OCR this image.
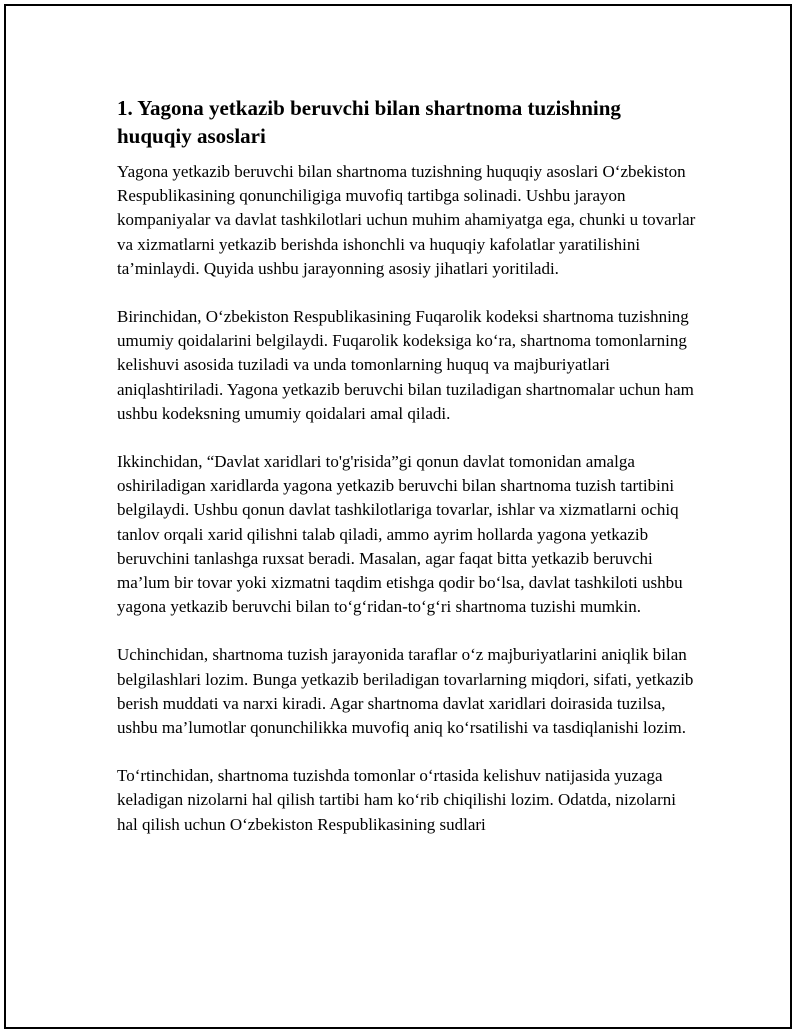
1. Yagona yetkazib beruvchi bilan shartnoma tuzishning huquqiy asoslari

Yagona yetkazib beruvchi bilan shartnoma tuzishning huquqiy asoslari O‘zbekiston Respublikasining qonunchiligiga muvofiq tartibga solinadi. Ushbu jarayon kompaniyalar va davlat tashkilotlari uchun muhim ahamiyatga ega, chunki u tovarlar va xizmatlarni yetkazib berishda ishonchli va huquqiy kafolatlar yaratilishini ta’minlaydi. Quyida ushbu jarayonning asosiy jihatlari yoritiladi.

Birinchidan, O‘zbekiston Respublikasining Fuqarolik kodeksi shartnoma tuzishning umumiy qoidalarini belgilaydi. Fuqarolik kodeksiga ko‘ra, shartnoma tomonlarning kelishuvi asosida tuziladi va unda tomonlarning huquq va majburiyatlari aniqlashtiriladi. Yagona yetkazib beruvchi bilan tuziladigan shartnomalar uchun ham ushbu kodeksning umumiy qoidalari amal qiladi.

Ikkinchidan, “Davlat xaridlari to'g'risida”gi qonun davlat tomonidan amalga oshiriladigan xaridlarda yagona yetkazib beruvchi bilan shartnoma tuzish tartibini belgilaydi. Ushbu qonun davlat tashkilotlariga tovarlar, ishlar va xizmatlarni ochiq tanlov orqali xarid qilishni talab qiladi, ammo ayrim hollarda yagona yetkazib beruvchini tanlashga ruxsat beradi. Masalan, agar faqat bitta yetkazib beruvchi ma’lum bir tovar yoki xizmatni taqdim etishga qodir bo‘lsa, davlat tashkiloti ushbu yagona yetkazib beruvchi bilan to‘g‘ridan-to‘g‘ri shartnoma tuzishi mumkin.

Uchinchidan, shartnoma tuzish jarayonida taraflar o‘z majburiyatlarini aniqlik bilan belgilashlari lozim. Bunga yetkazib beriladigan tovarlarning miqdori, sifati, yetkazib berish muddati va narxi kiradi. Agar shartnoma davlat xaridlari doirasida tuzilsa, ushbu ma’lumotlar qonunchilikka muvofiq aniq ko‘rsatilishi va tasdiqlanishi lozim.

To‘rtinchidan, shartnoma tuzishda tomonlar o‘rtasida kelishuv natijasida yuzaga keladigan nizolarni hal qilish tartibi ham ko‘rib chiqilishi lozim. Odatda, nizolarni hal qilish uchun O‘zbekiston Respublikasining sudlari
